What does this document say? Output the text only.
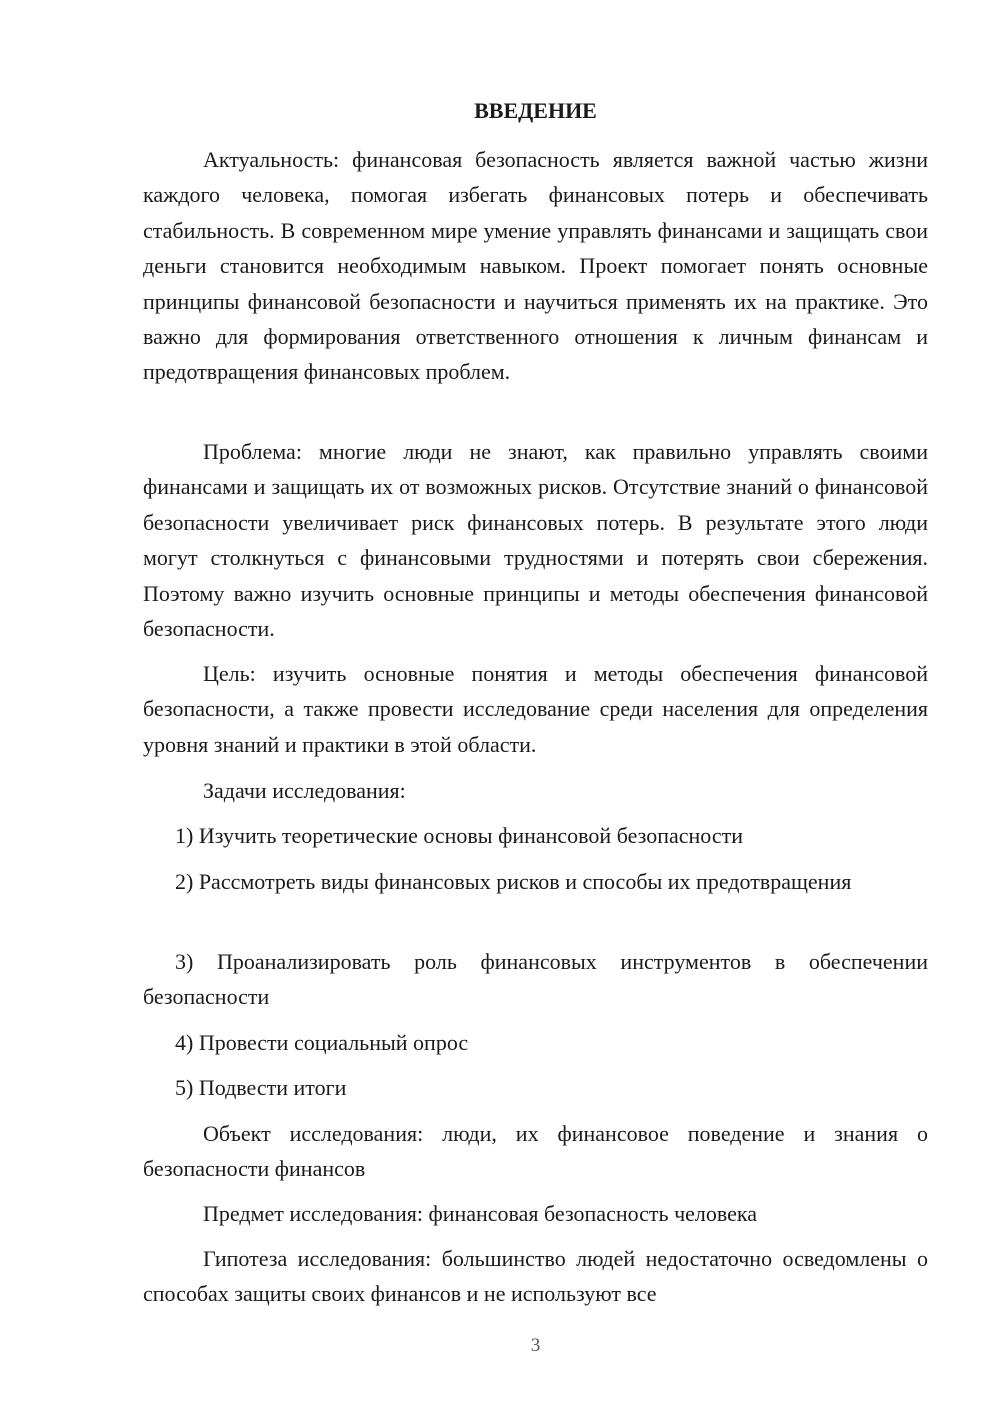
ВВЕДЕНИЕ

Актуальность: финансовая безопасность является важной частью жизни каждого человека, помогая избегать финансовых потерь и обеспечивать стабильность. В современном мире умение управлять финансами и защищать свои деньги становится необходимым навыком. Проект помогает понять основные принципы финансовой безопасности и научиться применять их на практике. Это важно для формирования ответственного отношения к личным финансам и предотвращения финансовых проблем.

Проблема: многие люди не знают, как правильно управлять своими финансами и защищать их от возможных рисков. Отсутствие знаний о финансовой безопасности увеличивает риск финансовых потерь. В результате этого люди могут столкнуться с финансовыми трудностями и потерять свои сбережения. Поэтому важно изучить основные принципы и методы обеспечения финансовой безопасности.

Цель: изучить основные понятия и методы обеспечения финансовой безопасности, а также провести исследование среди населения для определения уровня знаний и практики в этой области.

Задачи исследования:

1) Изучить теоретические основы финансовой безопасности

2) Рассмотреть виды финансовых рисков и способы их предотвращения

3) Проанализировать роль финансовых инструментов в обеспечении безопасности

4) Провести социальный опрос

5) Подвести итоги

Объект исследования: люди, их финансовое поведение и знания о безопасности финансов

Предмет исследования: финансовая безопасность человека

Гипотеза исследования: большинство людей недостаточно осведомлены о способах защиты своих финансов и не используют все

3
